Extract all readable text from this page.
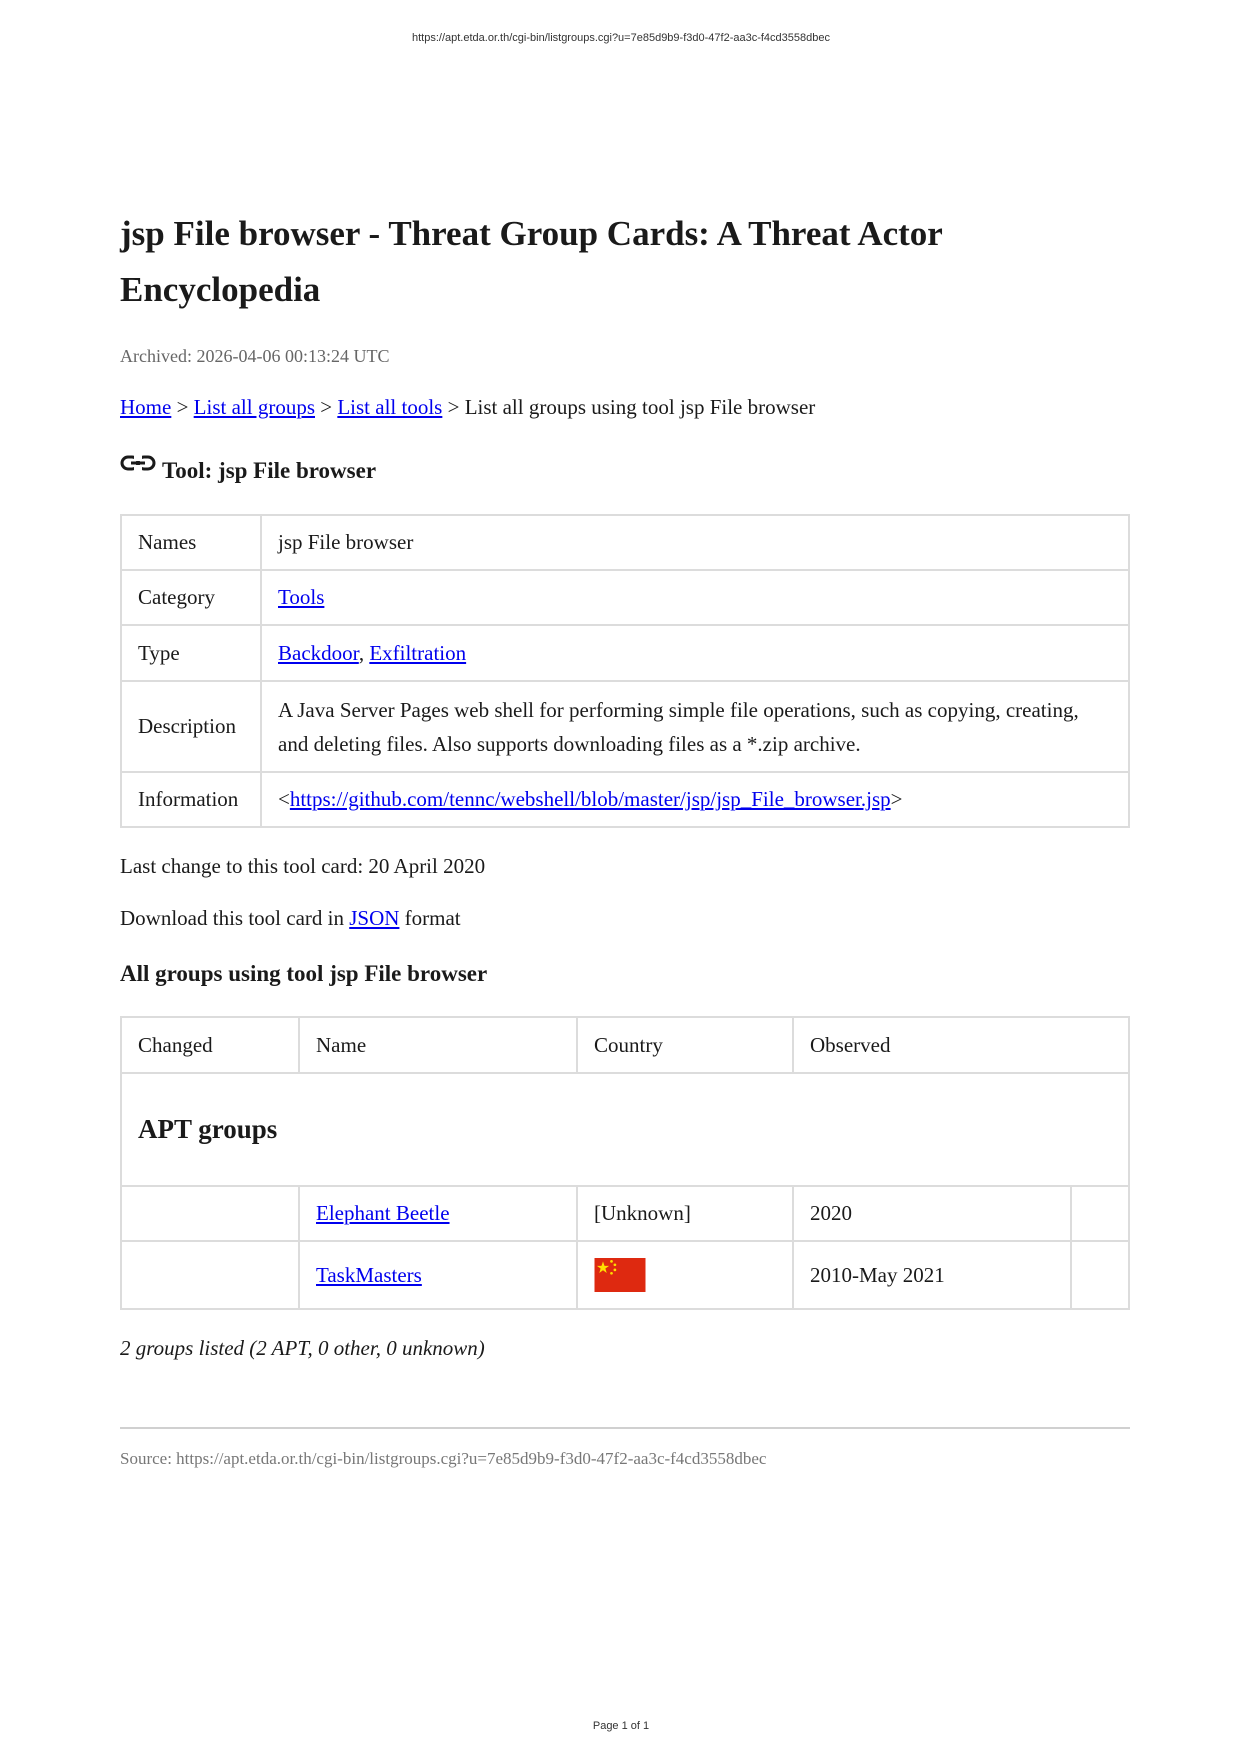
https://apt.etda.or.th/cgi-bin/listgroups.cgi?u=7e85d9b9-f3d0-47f2-aa3c-f4cd3558dbec
jsp File browser - Threat Group Cards: A Threat Actor Encyclopedia
Archived: 2026-04-06 00:13:24 UTC
Home > List all groups > List all tools > List all groups using tool jsp File browser
Tool: jsp File browser
Names	jsp File browser
Category	Tools
Type	Backdoor, Exfiltration
Description	A Java Server Pages web shell for performing simple file operations, such as copying, creating, and deleting files. Also supports downloading files as a *.zip archive.
Information	<https://github.com/tennc/webshell/blob/master/jsp/jsp_File_browser.jsp>
Last change to this tool card: 20 April 2020
Download this tool card in JSON format
All groups using tool jsp File browser
Changed	Name	Country	Observed	
APT groups				
	Elephant Beetle	[Unknown]	2020	
	TaskMasters		2010-May 2021	
2 groups listed (2 APT, 0 other, 0 unknown)
Source: https://apt.etda.or.th/cgi-bin/listgroups.cgi?u=7e85d9b9-f3d0-47f2-aa3c-f4cd3558dbec
Page 1 of 1
